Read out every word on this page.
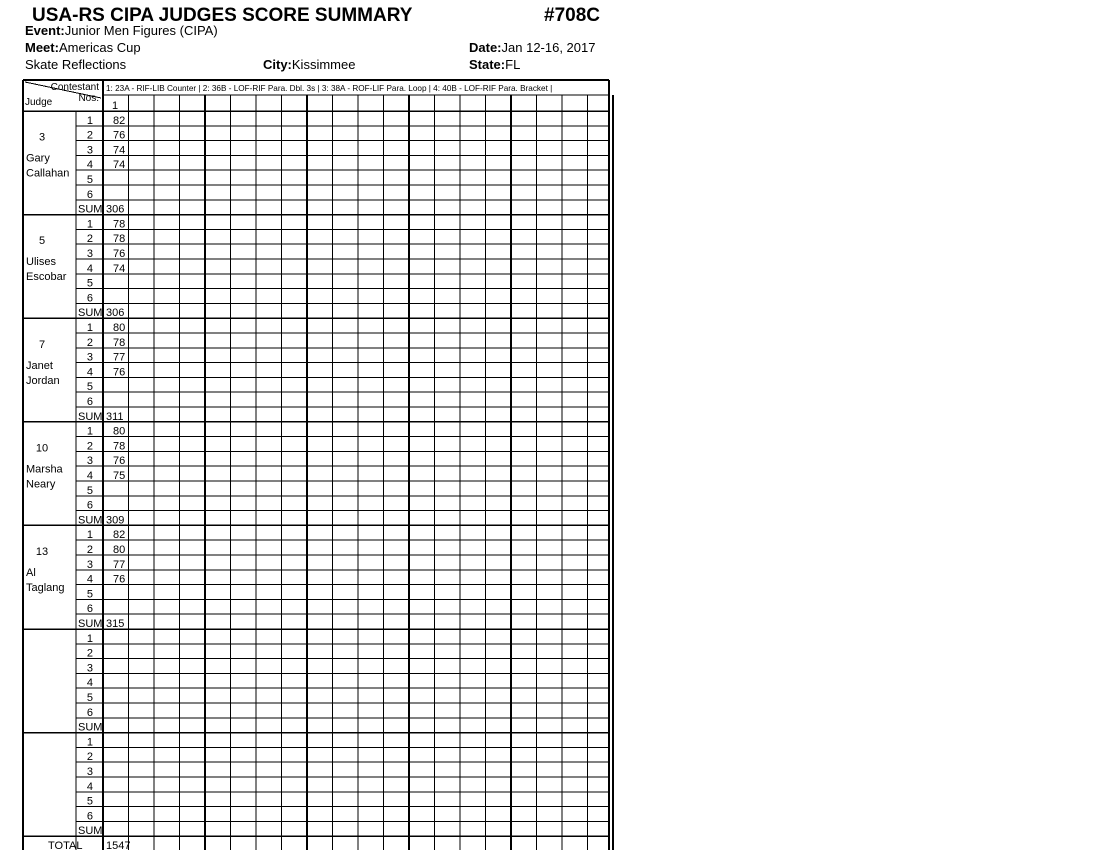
USA-RS CIPA JUDGES SCORE SUMMARY	#708C
Event:Junior Men Figures (CIPA)
Meet:Americas Cup
Skate Reflections
Date:Jan 12-16, 2017
City:Kissimmee	State:FL
Contestant
Nos.
Judge
1: 23A - RIF-LIB Counter | 2: 36B - LOF-RIF Para. Dbl. 3s | 3: 38A - ROF-LIF Para. Loop | 4: 40B - LOF-RIF Para. Bracket |
1
3
Gary
Callahan
1 82
2 76
3 74
4 74
5
6
SUM 306
5
Ulises
Escobar
1 78
2 78
3 76
4 74
5
6
SUM 306
7
Janet
Jordan
1 80
2 78
3 77
4 76
5
6
SUM 311
10
Marsha
Neary
1 80
2 78
3 76
4 75
5
6
SUM 309
13
Al
Taglang
1 82
2 80
3 77
4 76
5
6
SUM 315
1
2
3
4
5
6
SUM
1
2
3
4
5
6
SUM
TOTAL 1547
